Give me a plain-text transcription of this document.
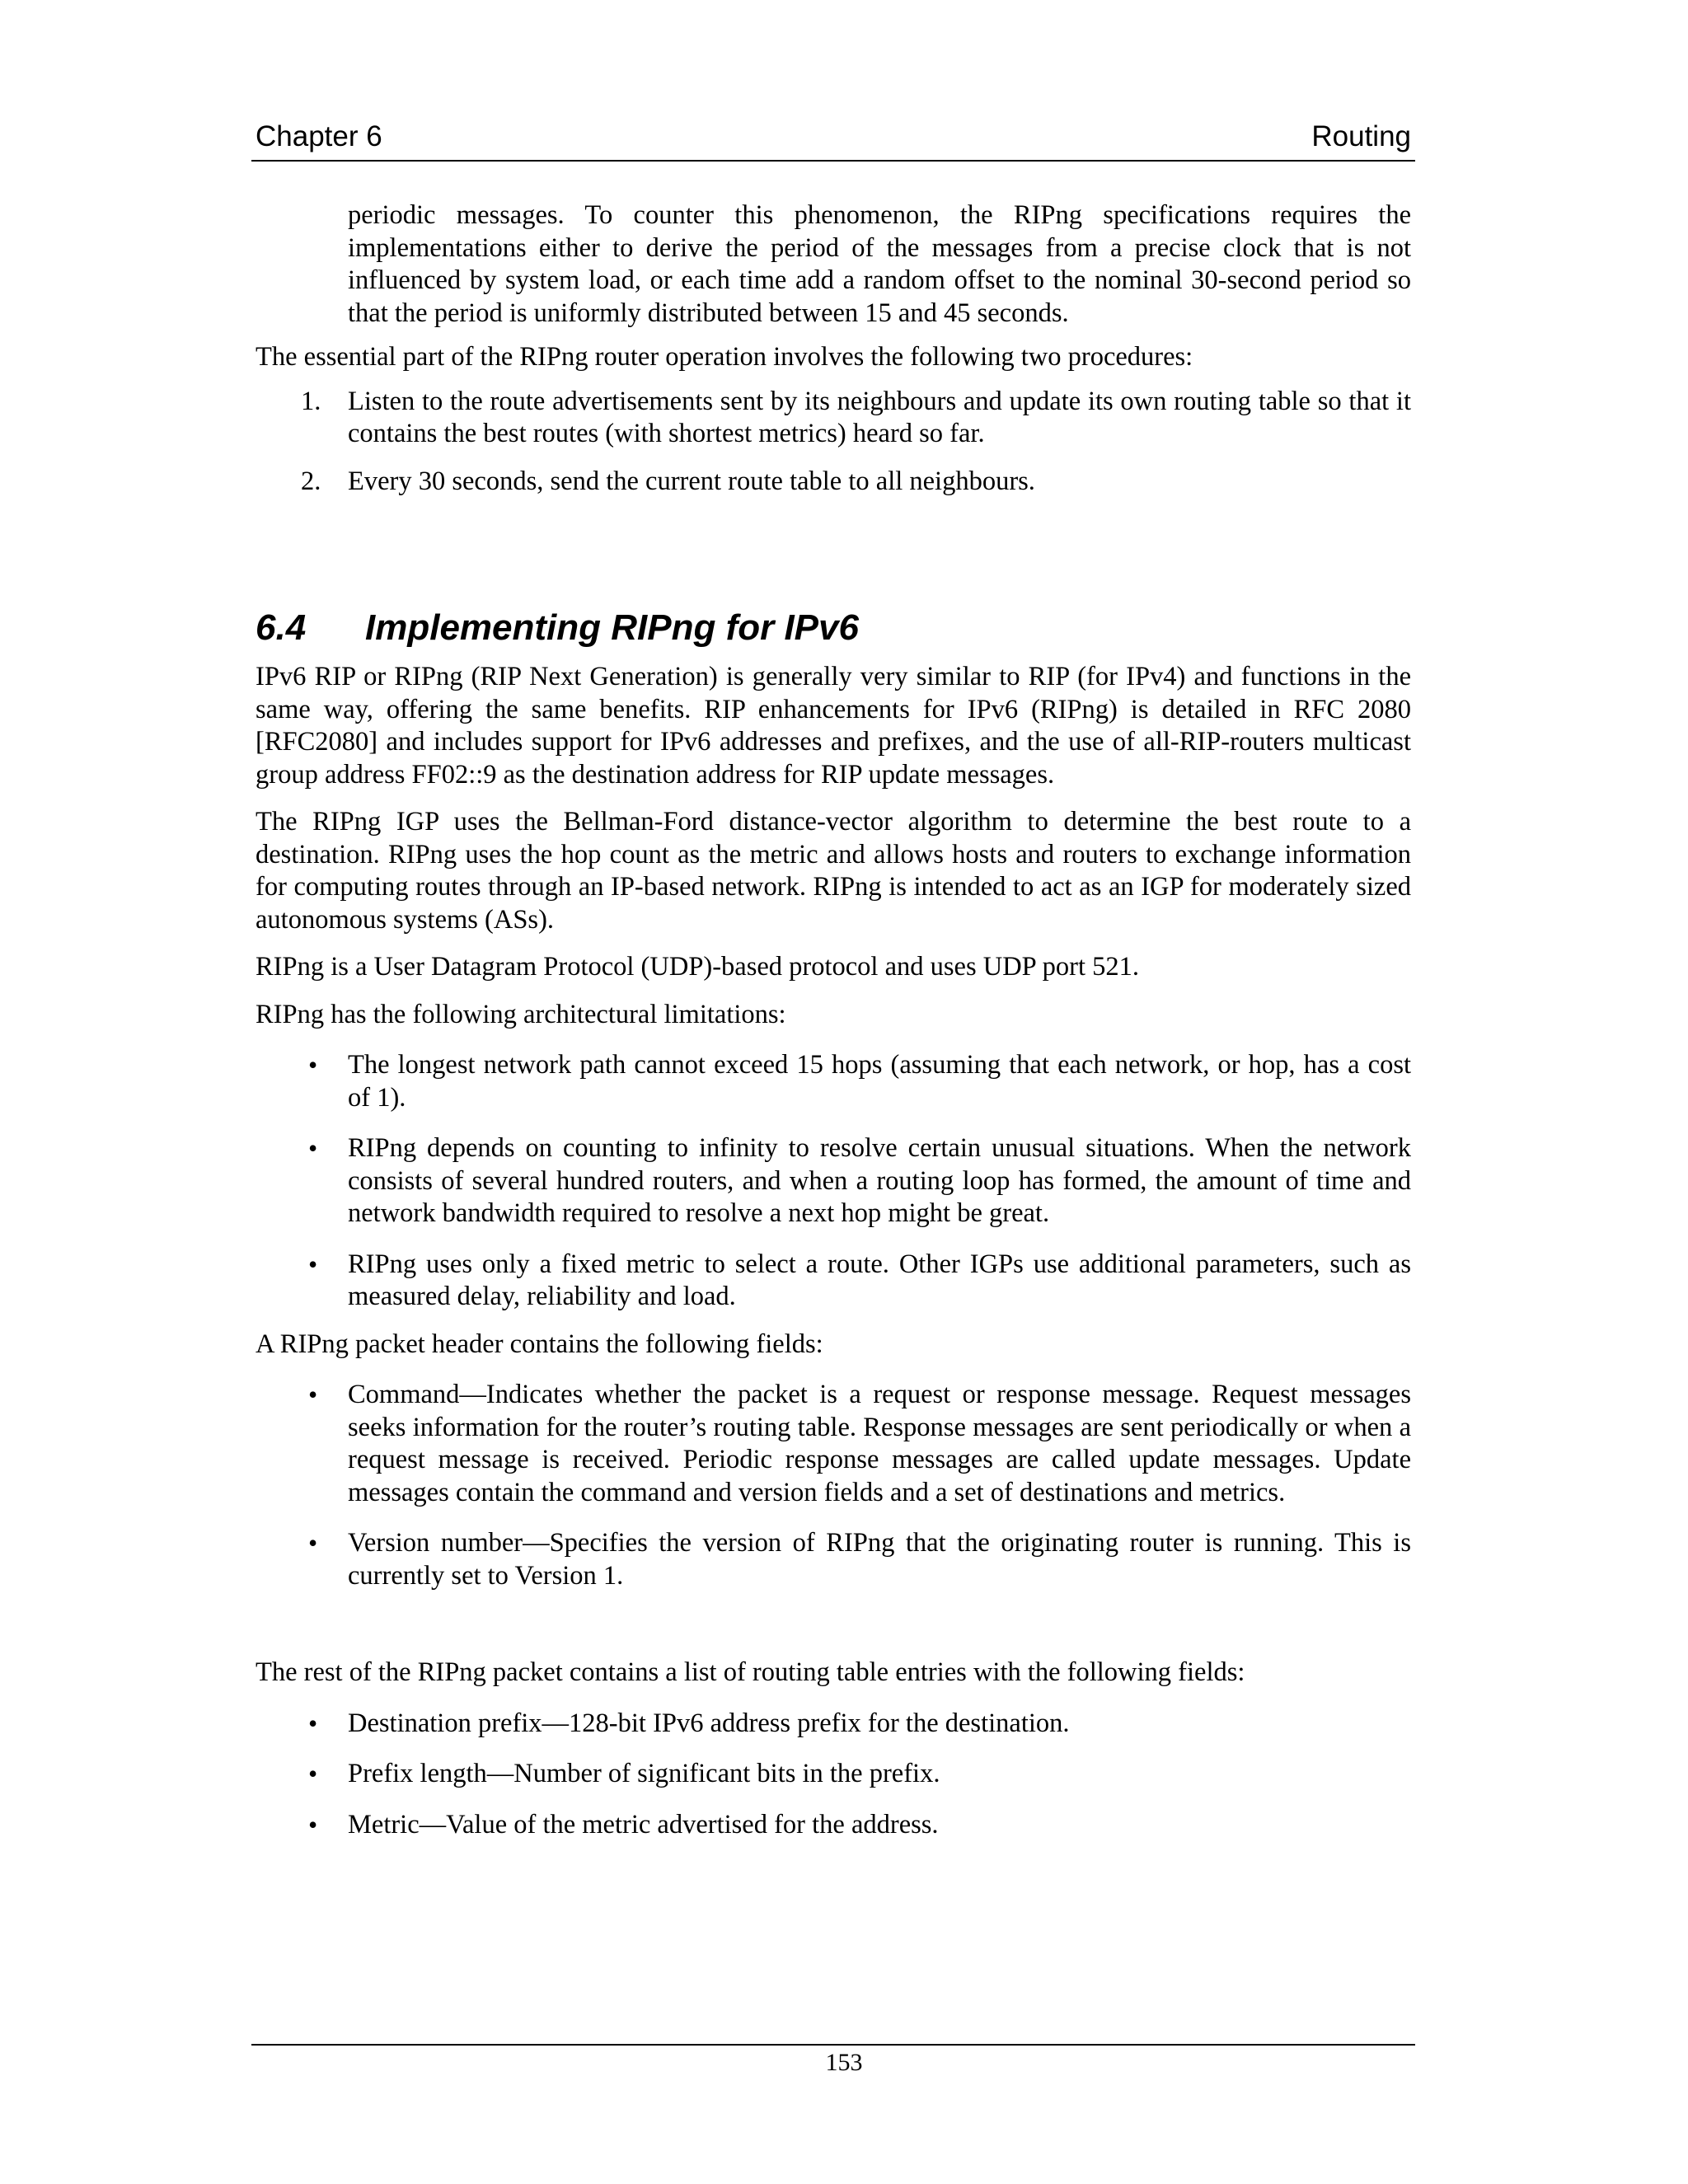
Chapter 6	Routing

periodic messages. To counter this phenomenon, the RIPng specifications requires the implementations either to derive the period of the messages from a precise clock that is not influenced by system load, or each time add a random offset to the nominal 30-second period so that the period is uniformly distributed between 15 and 45 seconds.

The essential part of the RIPng router operation involves the following two procedures:

1. Listen to the route advertisements sent by its neighbours and update its own routing table so that it contains the best routes (with shortest metrics) heard so far.
2. Every 30 seconds, send the current route table to all neighbours.
6.4 Implementing RIPng for IPv6

IPv6 RIP or RIPng (RIP Next Generation) is generally very similar to RIP (for IPv4) and functions in the same way, offering the same benefits. RIP enhancements for IPv6 (RIPng) is detailed in RFC 2080 [RFC2080] and includes support for IPv6 addresses and prefixes, and the use of all-RIP-routers multicast group address FF02::9 as the destination address for RIP update messages.

The RIPng IGP uses the Bellman-Ford distance-vector algorithm to determine the best route to a destination. RIPng uses the hop count as the metric and allows hosts and routers to exchange information for computing routes through an IP-based network. RIPng is intended to act as an IGP for moderately sized autonomous systems (ASs).

RIPng is a User Datagram Protocol (UDP)-based protocol and uses UDP port 521.

RIPng has the following architectural limitations:

• The longest network path cannot exceed 15 hops (assuming that each network, or hop, has a cost of 1).
• RIPng depends on counting to infinity to resolve certain unusual situations. When the network consists of several hundred routers, and when a routing loop has formed, the amount of time and network bandwidth required to resolve a next hop might be great.
• RIPng uses only a fixed metric to select a route. Other IGPs use additional parameters, such as measured delay, reliability and load.

A RIPng packet header contains the following fields:

• Command—Indicates whether the packet is a request or response message. Request messages seeks information for the router’s routing table. Response messages are sent periodically or when a request message is received. Periodic response messages are called update messages. Update messages contain the command and version fields and a set of destinations and metrics.
• Version number—Specifies the version of RIPng that the originating router is running. This is currently set to Version 1.

The rest of the RIPng packet contains a list of routing table entries with the following fields:

• Destination prefix—128-bit IPv6 address prefix for the destination.
• Prefix length—Number of significant bits in the prefix.
• Metric—Value of the metric advertised for the address.
153
